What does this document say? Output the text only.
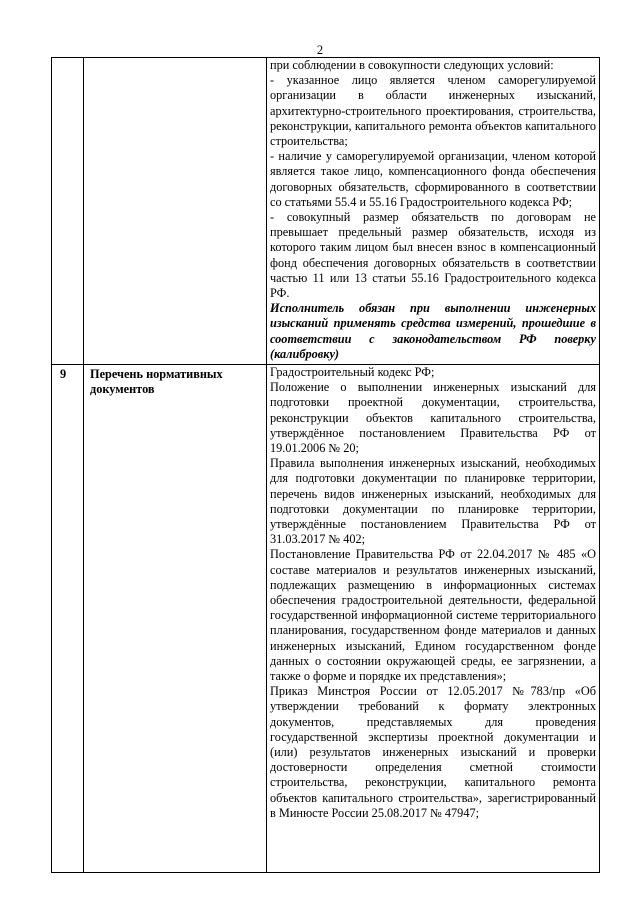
2

		при соблюдении в совокупности следующих условий:

- указанное лицо является членом саморегулируемой организации в области инженерных изысканий, архитектурно-строительного проектирования, строительства, реконструкции, капитального ремонта объектов капитального строительства;

- наличие у саморегулируемой организации, членом которой является такое лицо, компенсационного фонда обеспечения договорных обязательств, сформированного в соответствии со статьями 55.4 и 55.16 Градостроительного кодекса РФ;

- совокупный размер обязательств по договорам не превышает предельный размер обязательств, исходя из которого таким лицом был внесен взнос в компенсационный фонд обеспечения договорных обязательств в соответствии частью 11 или 13 статьи 55.16 Градостроительного кодекса РФ.

Исполнитель обязан при выполнении инженерных изысканий применять средства измерений, прошедшие в соответствии с законодательством РФ поверку (калибровку)

9	Перечень нормативных документов	Градостроительный кодекс РФ;

Положение о выполнении инженерных изысканий для подготовки проектной документации, строительства, реконструкции объектов капитального строительства, утверждённое постановлением Правительства РФ от 19.01.2006 № 20;

Правила выполнения инженерных изысканий, необходимых для подготовки документации по планировке территории, перечень видов инженерных изысканий, необходимых для подготовки документации по планировке территории, утверждённые постановлением Правительства РФ от 31.03.2017 № 402;

Постановление Правительства РФ от 22.04.2017 № 485 «О составе материалов и результатов инженерных изысканий, подлежащих размещению в информационных системах обеспечения градостроительной деятельности, федеральной государственной информационной системе территориального планирования, государственном фонде материалов и данных инженерных изысканий, Едином государственном фонде данных о состоянии окружающей среды, ее загрязнении, а также о форме и порядке их представления»;

Приказ Минстроя России от 12.05.2017 №783/пр «Об утверждении требований к формату электронных документов, представляемых для проведения государственной экспертизы проектной документации и (или) результатов инженерных изысканий и проверки достоверности определения сметной стоимости строительства, реконструкции, капитального ремонта объектов капитального строительства», зарегистрированный в Минюсте России 25.08.2017 № 47947;
